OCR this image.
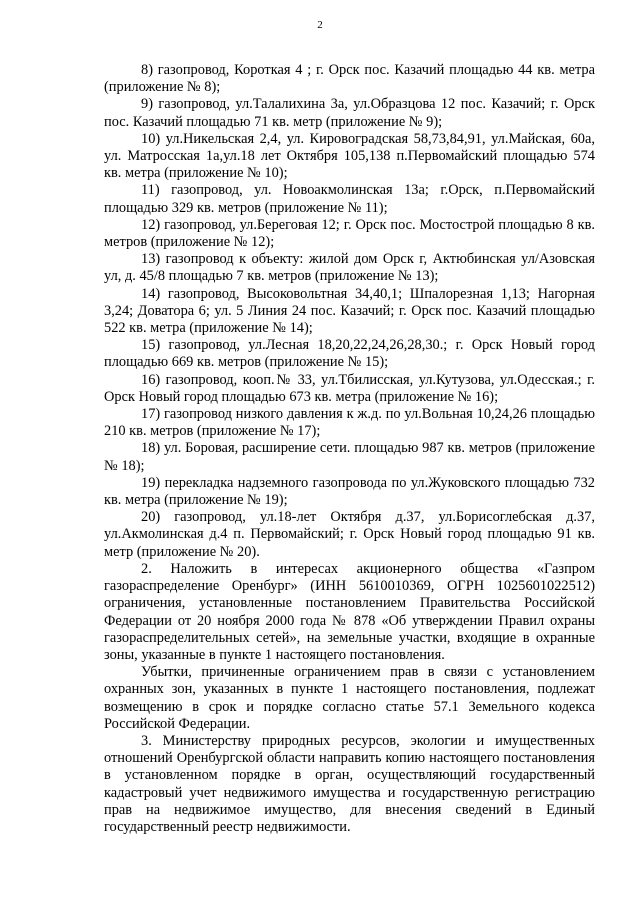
2

8) газопровод, Короткая 4 ; г. Орск пос. Казачий площадью 44 кв. метра (приложение № 8);

9) газопровод, ул.Талалихина 3а, ул.Образцова 12 пос. Казачий; г. Орск пос. Казачий площадью 71 кв. метр (приложение № 9);

10) ул.Никельская 2,4, ул. Кировоградская 58,73,84,91, ул.Майская, 60а, ул. Матросская 1а,ул.18 лет Октября 105,138 п.Первомайский площадью 574 кв. метра (приложение № 10);

11) газопровод, ул. Новоакмолинская 13а; г.Орск, п.Первомайский площадью 329 кв. метров (приложение № 11);

12) газопровод, ул.Береговая 12; г. Орск пос. Мостострой площадью 8 кв. метров (приложение № 12);

13) газопровод к объекту: жилой дом Орск г, Актюбинская ул/Азовская ул, д. 45/8 площадью 7 кв. метров (приложение № 13);

14) газопровод, Высоковольтная 34,40,1; Шпалорезная 1,13; Нагорная 3,24; Доватора 6; ул. 5 Линия 24 пос. Казачий; г. Орск пос. Казачий площадью 522 кв. метра (приложение № 14);

15) газопровод, ул.Лесная 18,20,22,24,26,28,30.; г. Орск Новый город площадью 669 кв. метров (приложение № 15);

16) газопровод, кооп.№ 33, ул.Тбилисская, ул.Кутузова, ул.Одесская.; г. Орск Новый город площадью 673 кв. метра (приложение № 16);

17) газопровод низкого давления к ж.д. по ул.Вольная 10,24,26 площадью 210 кв. метров (приложение № 17);

18) ул. Боровая, расширение сети. площадью 987 кв. метров (приложение № 18);

19) перекладка надземного газопровода по ул.Жуковского площадью 732 кв. метра (приложение № 19);

20) газопровод, ул.18-лет Октября д.37, ул.Борисоглебская д.37, ул.Акмолинская д.4 п. Первомайский; г. Орск Новый город площадью 91 кв. метр (приложение № 20).

2. Наложить в интересах акционерного общества «Газпром газораспределение Оренбург» (ИНН 5610010369, ОГРН 1025601022512) ограничения, установленные постановлением Правительства Российской Федерации от 20 ноября 2000 года № 878 «Об утверждении Правил охраны газораспределительных сетей», на земельные участки, входящие в охранные зоны, указанные в пункте 1 настоящего постановления.

Убытки, причиненные ограничением прав в связи с установлением охранных зон, указанных в пункте 1 настоящего постановления, подлежат возмещению в срок и порядке согласно статье 57.1 Земельного кодекса Российской Федерации.

3. Министерству природных ресурсов, экологии и имущественных отношений Оренбургской области направить копию настоящего постановления в установленном порядке в орган, осуществляющий государственный кадастровый учет недвижимого имущества и государственную регистрацию прав на недвижимое имущество, для внесения сведений в Единый государственный реестр недвижимости.
